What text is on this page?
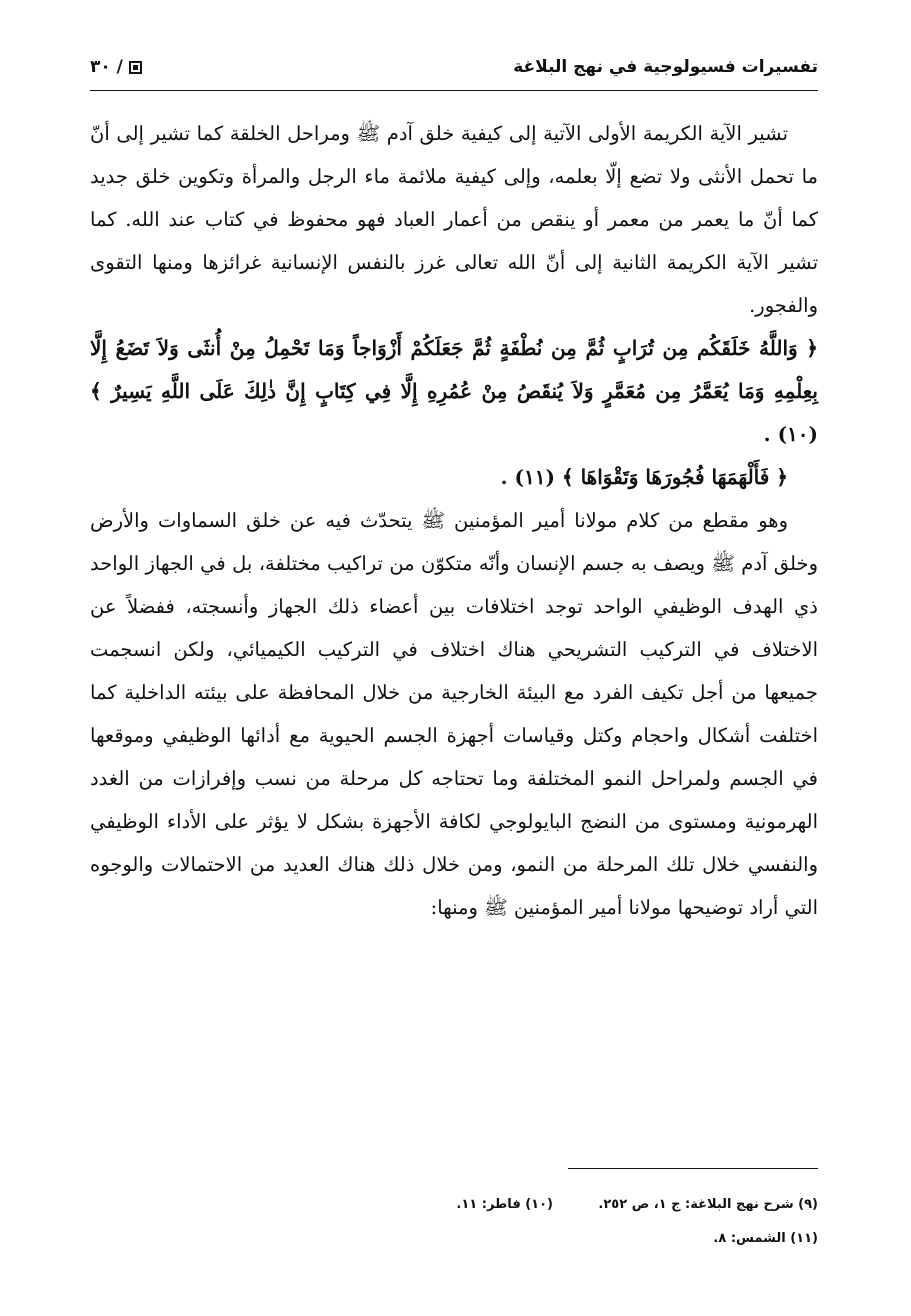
تفسيرات فسيولوجية في نهج البلاغة
٣٠ /

تشير الآية الكريمة الأولى الآتية إلى كيفية خلق آدم ﷺ ومراحل الخلقة كما تشير إلى أنّ ما تحمل الأنثى ولا تضع إلّا بعلمه، وإلى كيفية ملائمة ماء الرجل والمرأة وتكوين خلق جديد كما أنّ ما يعمر من معمر أو ينقص من أعمار العباد فهو محفوظ في كتاب عند الله. كما تشير الآية الكريمة الثانية إلى أنّ الله تعالى غرز بالنفس الإنسانية غرائزها ومنها التقوى والفجور.

﴿ وَاللَّهُ خَلَقَكُم مِن تُرَابٍ ثُمَّ مِن نُطْفَةٍ ثُمَّ جَعَلَكُمْ أَزْوَاجاً وَمَا تَحْمِلُ مِنْ أُنثَى وَلاَ تَضَعُ إِلَّا بِعِلْمِهِ وَمَا يُعَمَّرُ مِن مُعَمَّرٍ وَلاَ يُنقَصُ مِنْ عُمُرِهِ إِلَّا فِي كِتَابٍ إِنَّ ذٰلِكَ عَلَى اللَّهِ يَسِيرٌ ﴾ (١٠) .

﴿ فَأَلْهَمَهَا فُجُورَهَا وَتَقْوَاهَا ﴾ (١١) .

وهو مقطع من كلام مولانا أمير المؤمنين ﷺ يتحدّث فيه عن خلق السماوات والأرض وخلق آدم ﷺ ويصف به جسم الإنسان وأنّه متكوّن من تراكيب مختلفة، بل في الجهاز الواحد ذي الهدف الوظيفي الواحد توجد اختلافات بين أعضاء ذلك الجهاز وأنسجته، ففضلاً عن الاختلاف في التركيب التشريحي هناك اختلاف في التركيب الكيميائي، ولكن انسجمت جميعها من أجل تكيف الفرد مع البيئة الخارجية من خلال المحافظة على بيئته الداخلية كما اختلفت أشكال واحجام وكتل وقياسات أجهزة الجسم الحيوية مع أدائها الوظيفي وموقعها في الجسم ولمراحل النمو المختلفة وما تحتاجه كل مرحلة من نسب وإفرازات من الغدد الهرمونية ومستوى من النضج البايولوجي لكافة الأجهزة بشكل لا يؤثر على الأداء الوظيفي والنفسي خلال تلك المرحلة من النمو، ومن خلال ذلك هناك العديد من الاحتمالات والوجوه التي أراد توضيحها مولانا أمير المؤمنين ﷺ ومنها:

(٩) شرح نهج البلاغة: ج ١، ص ٢٥٢.
(١٠) فاطر: ١١.
(١١) الشمس: ٨.
